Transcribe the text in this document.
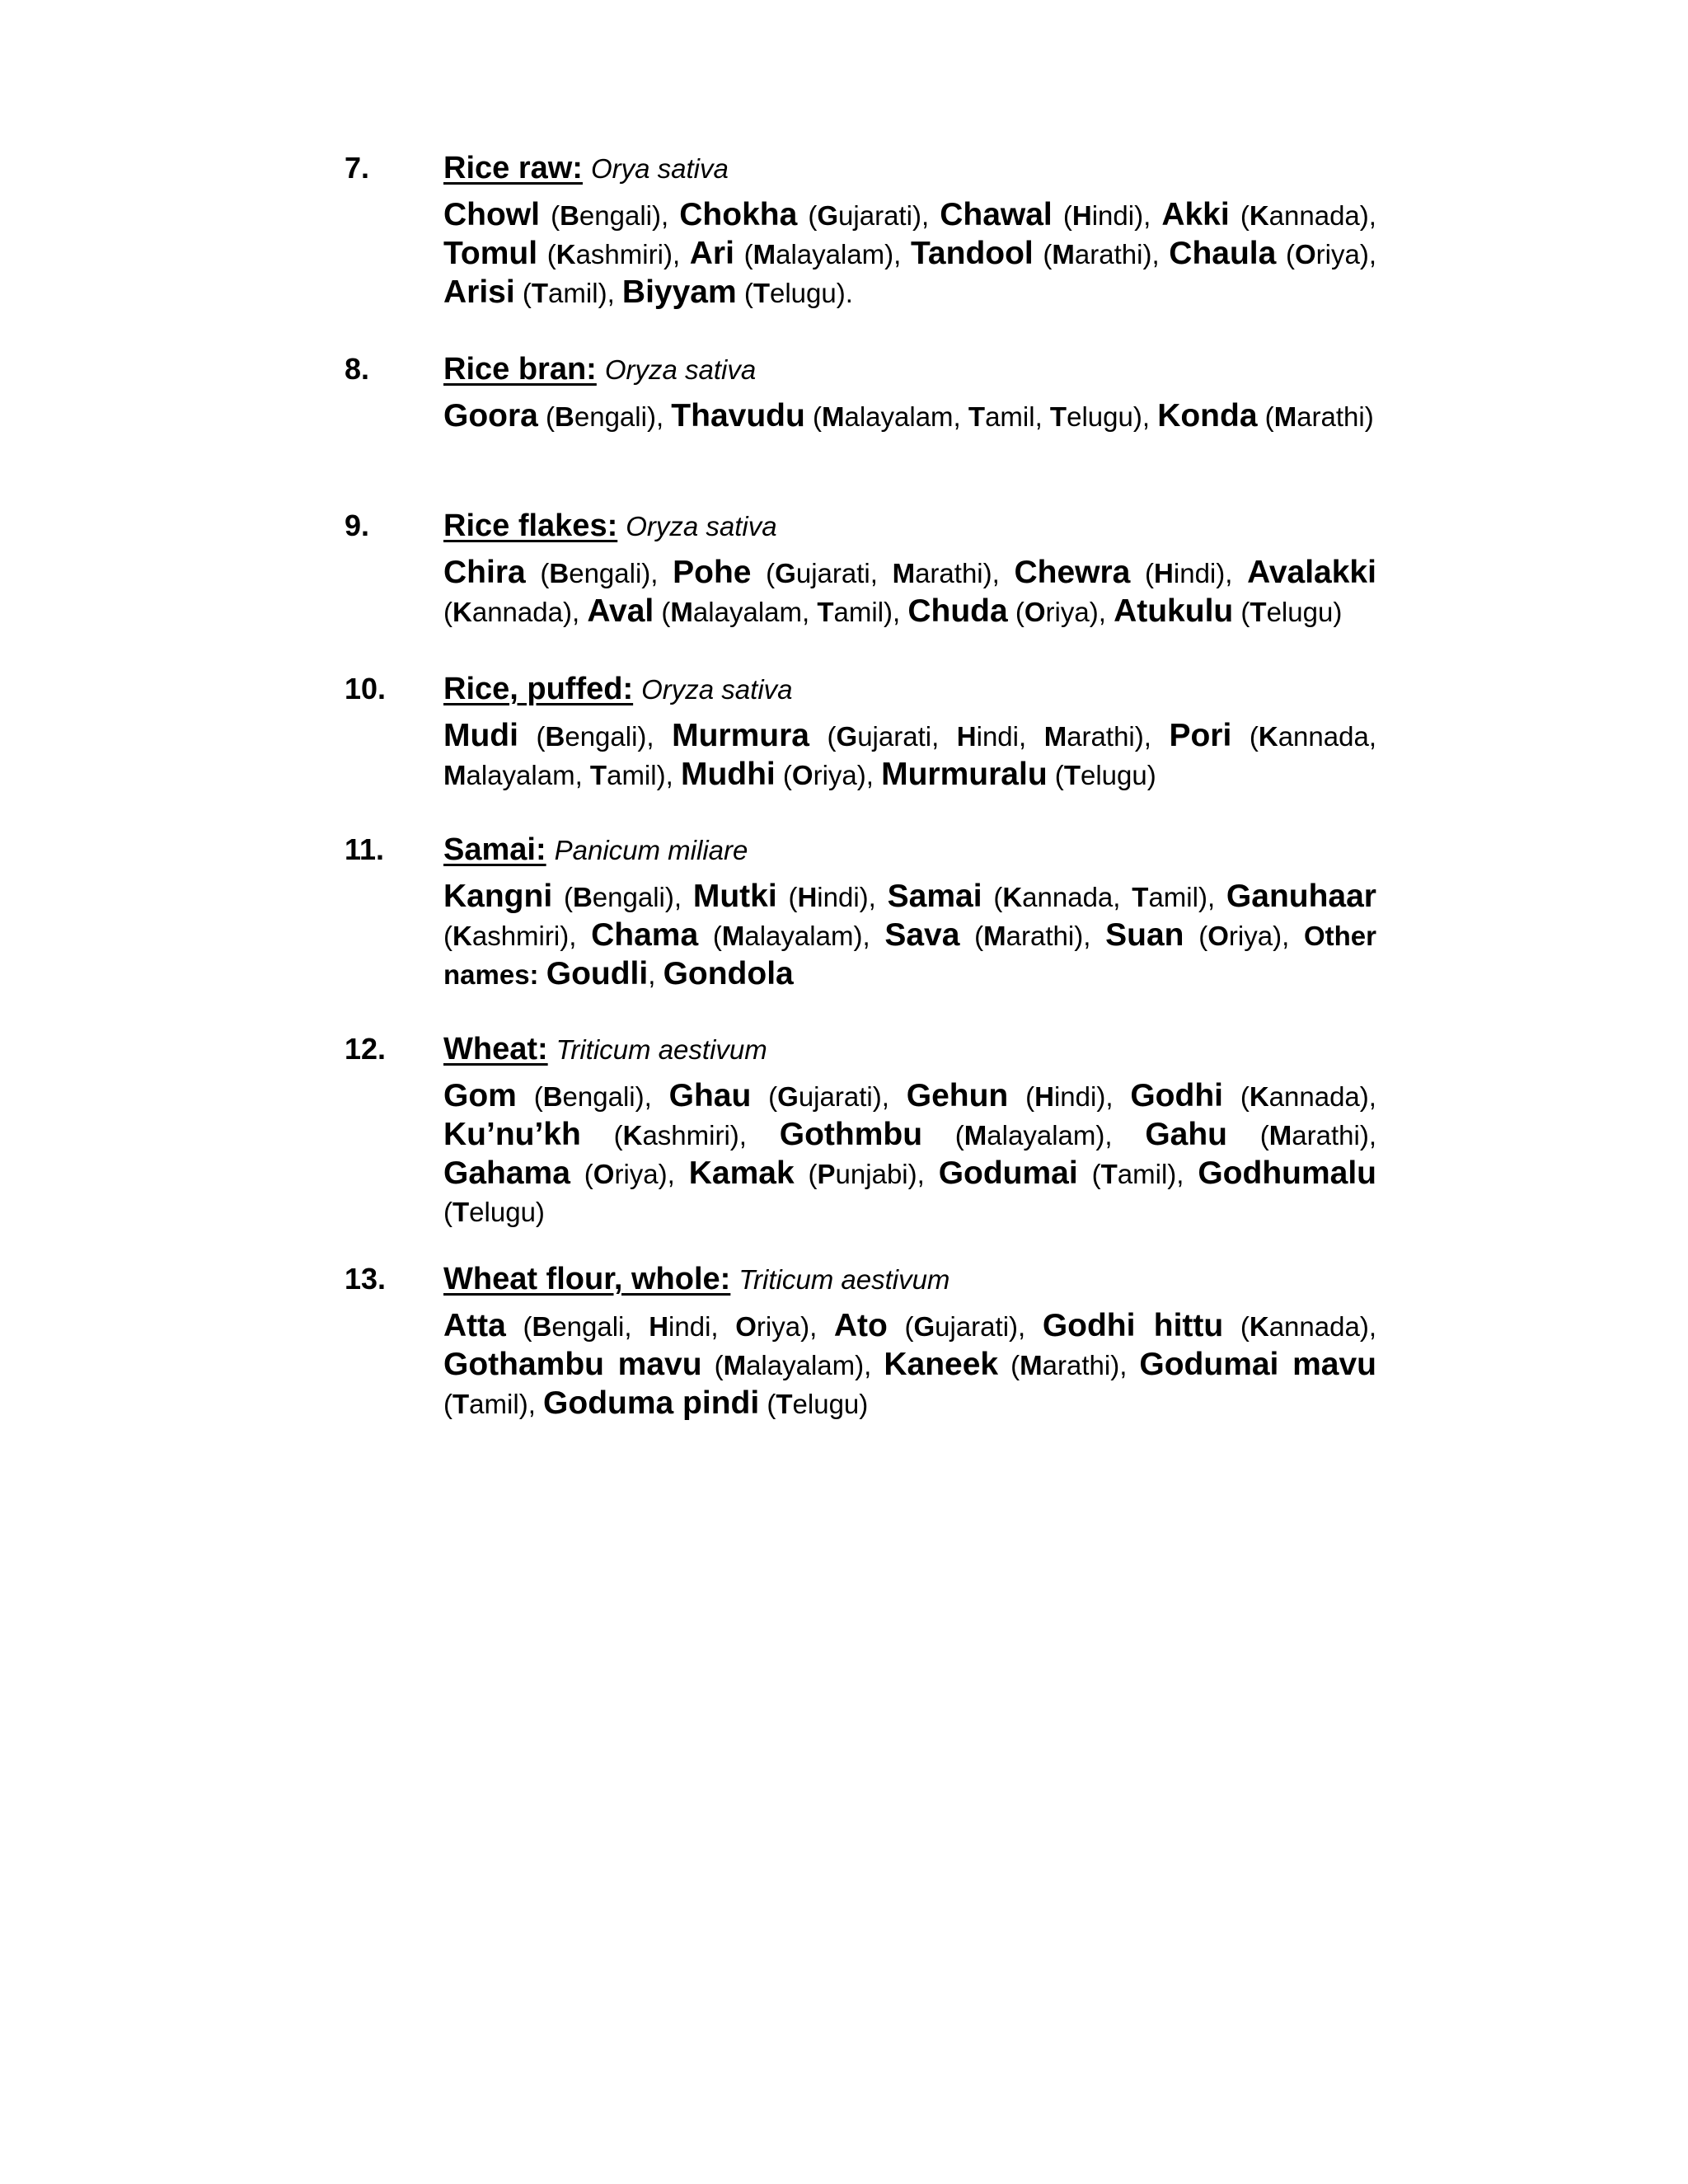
7. Rice raw: Orya sativa
Chowl (Bengali), Chokha (Gujarati), Chawal (Hindi), Akki (Kannada), Tomul (Kashmiri), Ari (Malayalam), Tandool (Marathi), Chaula (Oriya), Arisi (Tamil), Biyyam (Telugu).
8. Rice bran: Oryza sativa
Goora (Bengali), Thavudu (Malayalam, Tamil, Telugu), Konda (Marathi)
9. Rice flakes: Oryza sativa
Chira (Bengali), Pohe (Gujarati, Marathi), Chewra (Hindi), Avalakki (Kannada), Aval (Malayalam, Tamil), Chuda (Oriya), Atukulu (Telugu)
10. Rice, puffed: Oryza sativa
Mudi (Bengali), Murmura (Gujarati, Hindi, Marathi), Pori (Kannada, Malayalam, Tamil), Mudhi (Oriya), Murmuralu (Telugu)
11. Samai: Panicum miliare
Kangni (Bengali), Mutki (Hindi), Samai (Kannada, Tamil), Ganuhaar (Kashmiri), Chama (Malayalam), Sava (Marathi), Suan (Oriya), Other names: Goudli, Gondola
12. Wheat: Triticum aestivum
Gom (Bengali), Ghau (Gujarati), Gehun (Hindi), Godhi (Kannada), Ku’nu’kh (Kashmiri), Gothmbu (Malayalam), Gahu (Marathi), Gahama (Oriya), Kamak (Punjabi), Godumai (Tamil), Godhumalu (Telugu)
13. Wheat flour, whole: Triticum aestivum
Atta (Bengali, Hindi, Oriya), Ato (Gujarati), Godhi hittu (Kannada), Gothambu mavu (Malayalam), Kaneek (Marathi), Godumai mavu (Tamil), Goduma pindi (Telugu)
